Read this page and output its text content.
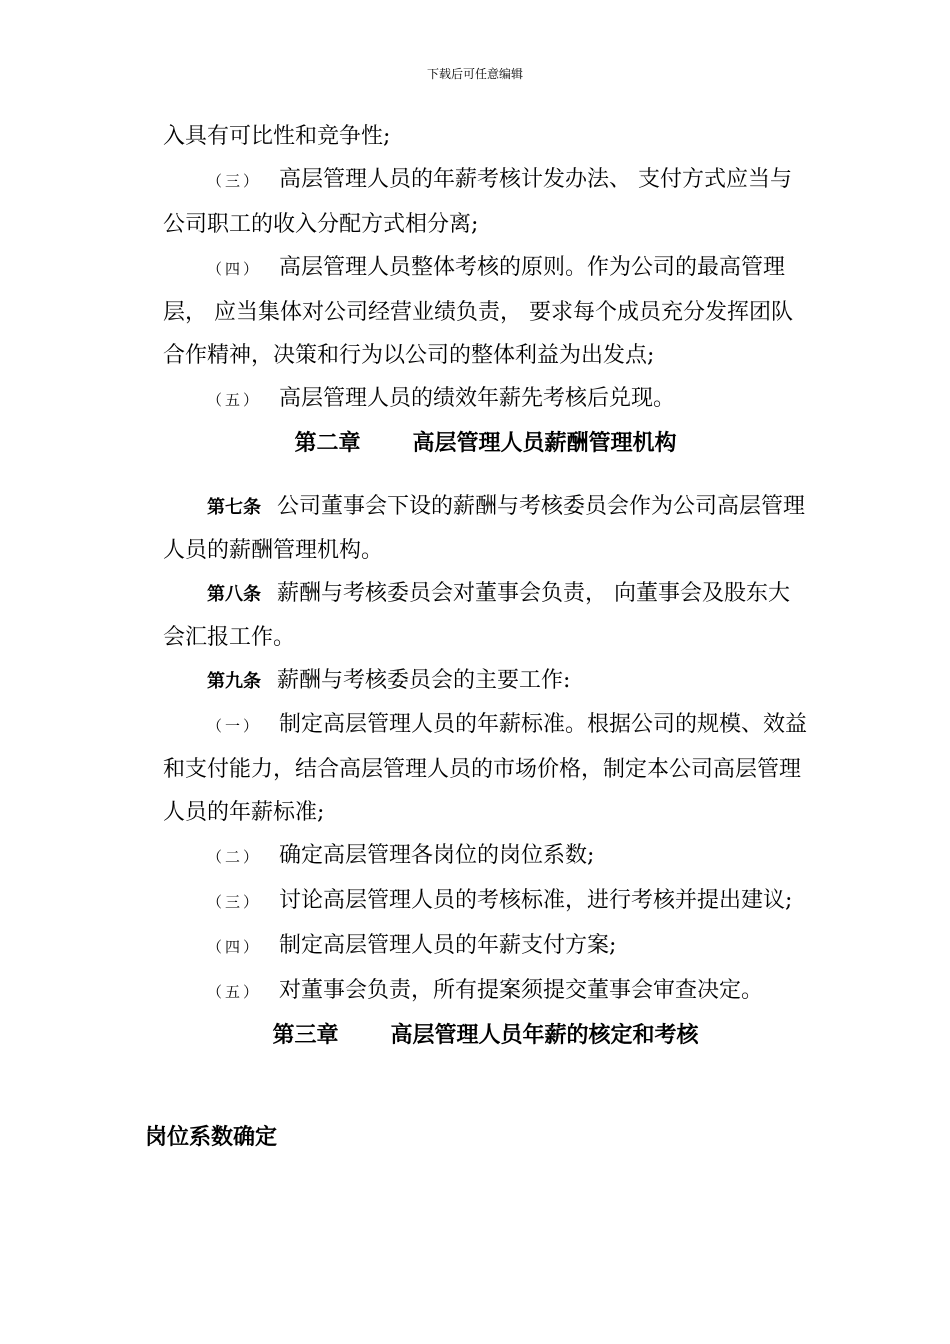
下载后可任意编辑

入具有可比性和竞争性;

（三） 高层管理人员的年薪考核计发办法、 支付方式应当与公司职工的收入分配方式相分离;

（四） 高层管理人员整体考核的原则。作为公司的最高管理层， 应当集体对公司经营业绩负责， 要求每个成员充分发挥团队合作精神，决策和行为以公司的整体利益为出发点;

（五） 高层管理人员的绩效年薪先考核后兑现。

第二章 高层管理人员薪酬管理机构

第七条 公司董事会下设的薪酬与考核委员会作为公司高层管理人员的薪酬管理机构。

第八条 薪酬与考核委员会对董事会负责， 向董事会及股东大会汇报工作。

第九条 薪酬与考核委员会的主要工作:

（一） 制定高层管理人员的年薪标准。根据公司的规模、效益和支付能力，结合高层管理人员的市场价格，制定本公司高层管理人员的年薪标准;

（二） 确定高层管理各岗位的岗位系数;

（三） 讨论高层管理人员的考核标准，进行考核并提出建议;

（四） 制定高层管理人员的年薪支付方案;

（五） 对董事会负责，所有提案须提交董事会审查决定。

第三章 高层管理人员年薪的核定和考核

岗位系数确定
